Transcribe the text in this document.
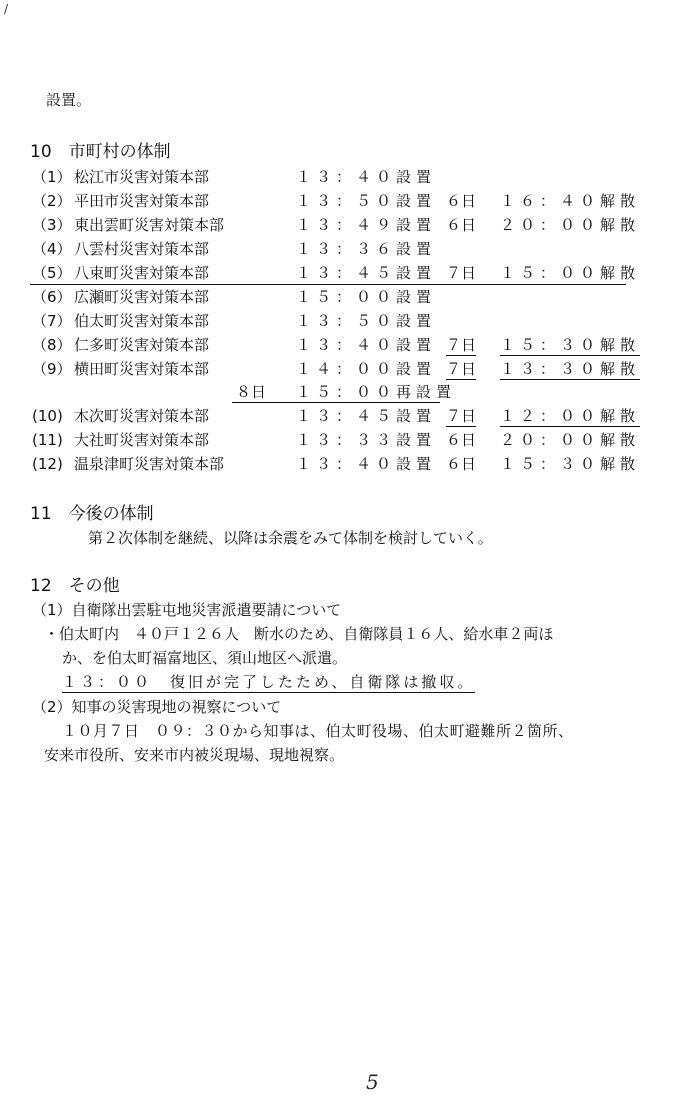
/
設置。
10　市町村の体制
（1） 松江市災害対策本部	１３：４０設置
（2） 平田市災害対策本部	１３：５０設置 ６日 １６：４０解散
（3） 東出雲町災害対策本部	１３：４９設置 ６日 ２０：００解散
（4） 八雲村災害対策本部	１３：３６設置
（5） 八束町災害対策本部	１３：４５設置 ７日 １５：００解散
（6） 広瀬町災害対策本部	１５：００設置
（7） 伯太町災害対策本部	１３：５０設置
（8） 仁多町災害対策本部	１３：４０設置 ７日 １５：３０解散
（9） 横田町災害対策本部	１４：００設置 ７日 １３：３０解散
８日 １５：００再設置
(10) 木次町災害対策本部	１３：４５設置 ７日 １２：００解散
(11) 大社町災害対策本部	１３：３３設置 ６日 ２０：００解散
(12) 温泉津町災害対策本部	１３：４０設置 ６日 １５：３０解散
11　今後の体制
第２次体制を継続、以降は余震をみて体制を検討していく。
12　その他
（1）自衛隊出雲駐屯地災害派遣要請について
・伯太町内　４０戸１２６人　断水のため、自衛隊員１６人、給水車２両ほ
か、を伯太町福富地区、須山地区へ派遣。
１３：００　復旧が完了したため、自衛隊は撤収。
（2）知事の災害現地の視察について
１０月７日　０９：３０から知事は、伯太町役場、伯太町避難所２箇所、
安来市役所、安来市内被災現場、現地視察。
5
